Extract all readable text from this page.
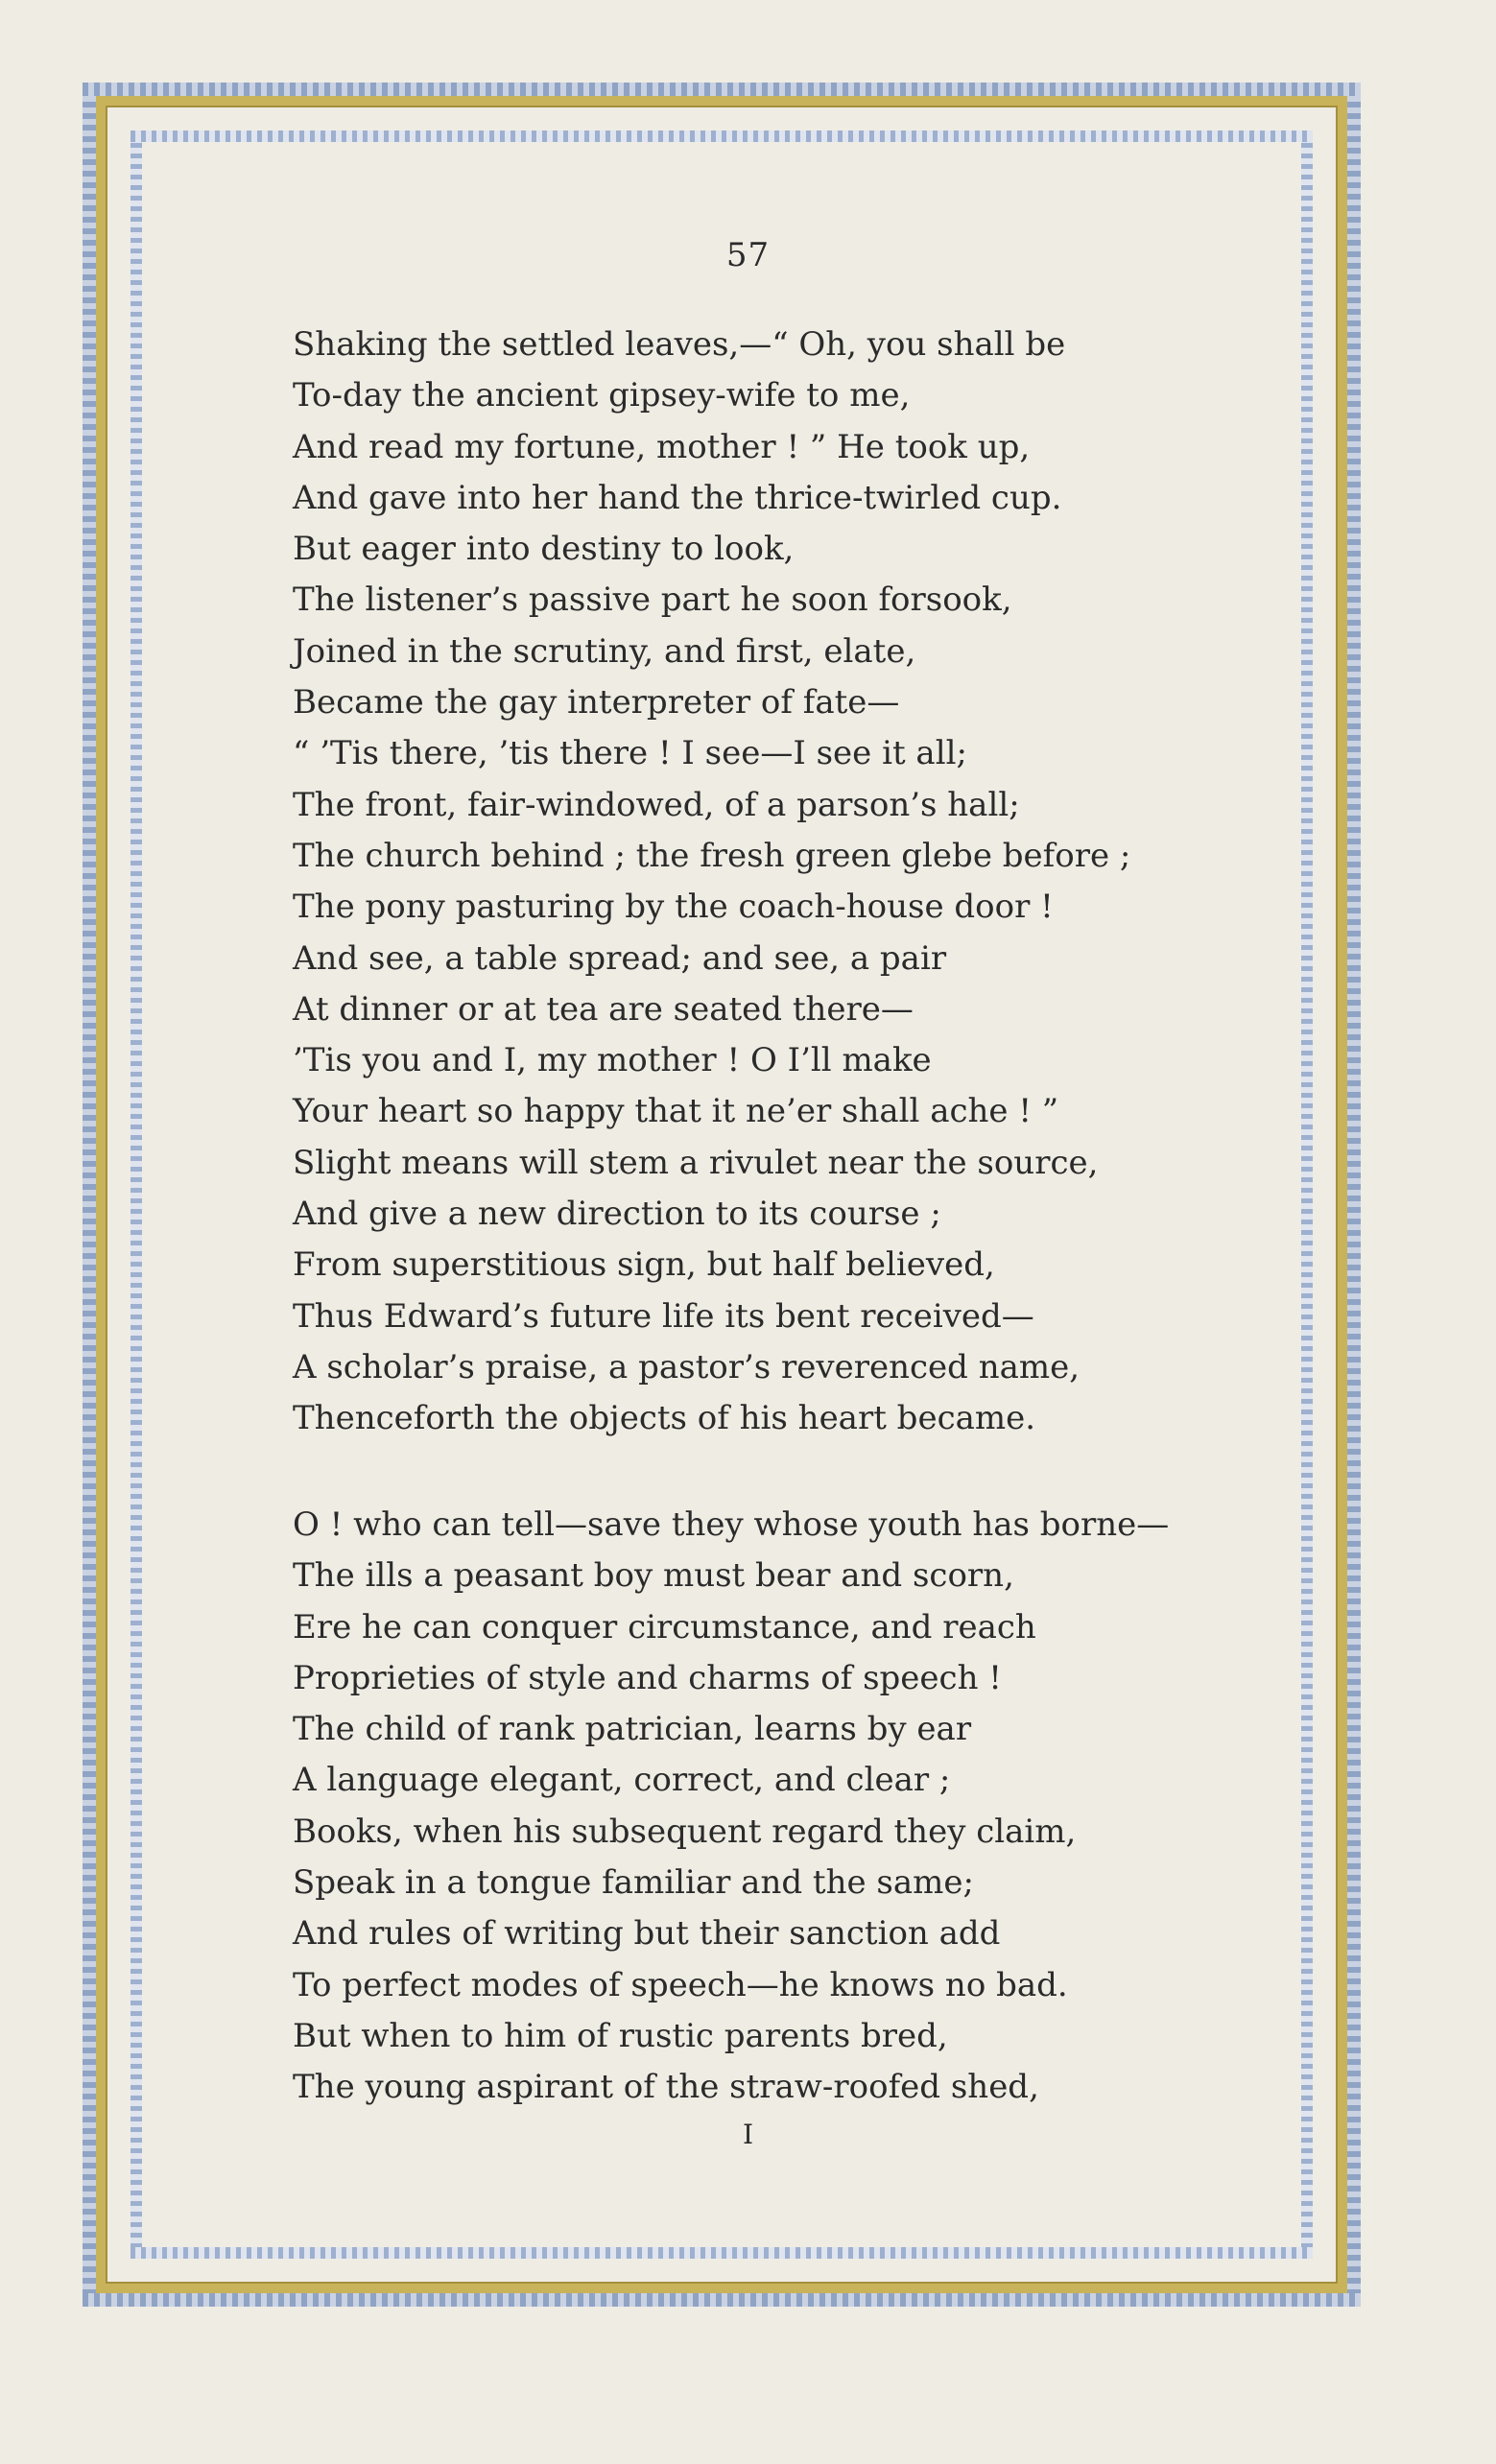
57
Shaking the settled leaves,—“ Oh, you shall be
To-day the ancient gipsey-wife to me,
And read my fortune, mother ! ” He took up,
And gave into her hand the thrice-twirled cup.
But eager into destiny to look,
The listener’s passive part he soon forsook,
Joined in the scrutiny, and first, elate,
Became the gay interpreter of fate—
“ ’Tis there, ’tis there ! I see—I see it all;
The front, fair-windowed, of a parson’s hall;
The church behind ; the fresh green glebe before ;
The pony pasturing by the coach-house door !
And see, a table spread; and see, a pair
At dinner or at tea are seated there—
’Tis you and I, my mother ! O I’ll make
Your heart so happy that it ne’er shall ache ! ”
Slight means will stem a rivulet near the source,
And give a new direction to its course ;
From superstitious sign, but half believed,
Thus Edward’s future life its bent received—
A scholar’s praise, a pastor’s reverenced name,
Thenceforth the objects of his heart became.
O ! who can tell—save they whose youth has borne—
The ills a peasant boy must bear and scorn,
Ere he can conquer circumstance, and reach
Proprieties of style and charms of speech !
The child of rank patrician, learns by ear
A language elegant, correct, and clear ;
Books, when his subsequent regard they claim,
Speak in a tongue familiar and the same;
And rules of writing but their sanction add
To perfect modes of speech—he knows no bad.
But when to him of rustic parents bred,
The young aspirant of the straw-roofed shed,
I
